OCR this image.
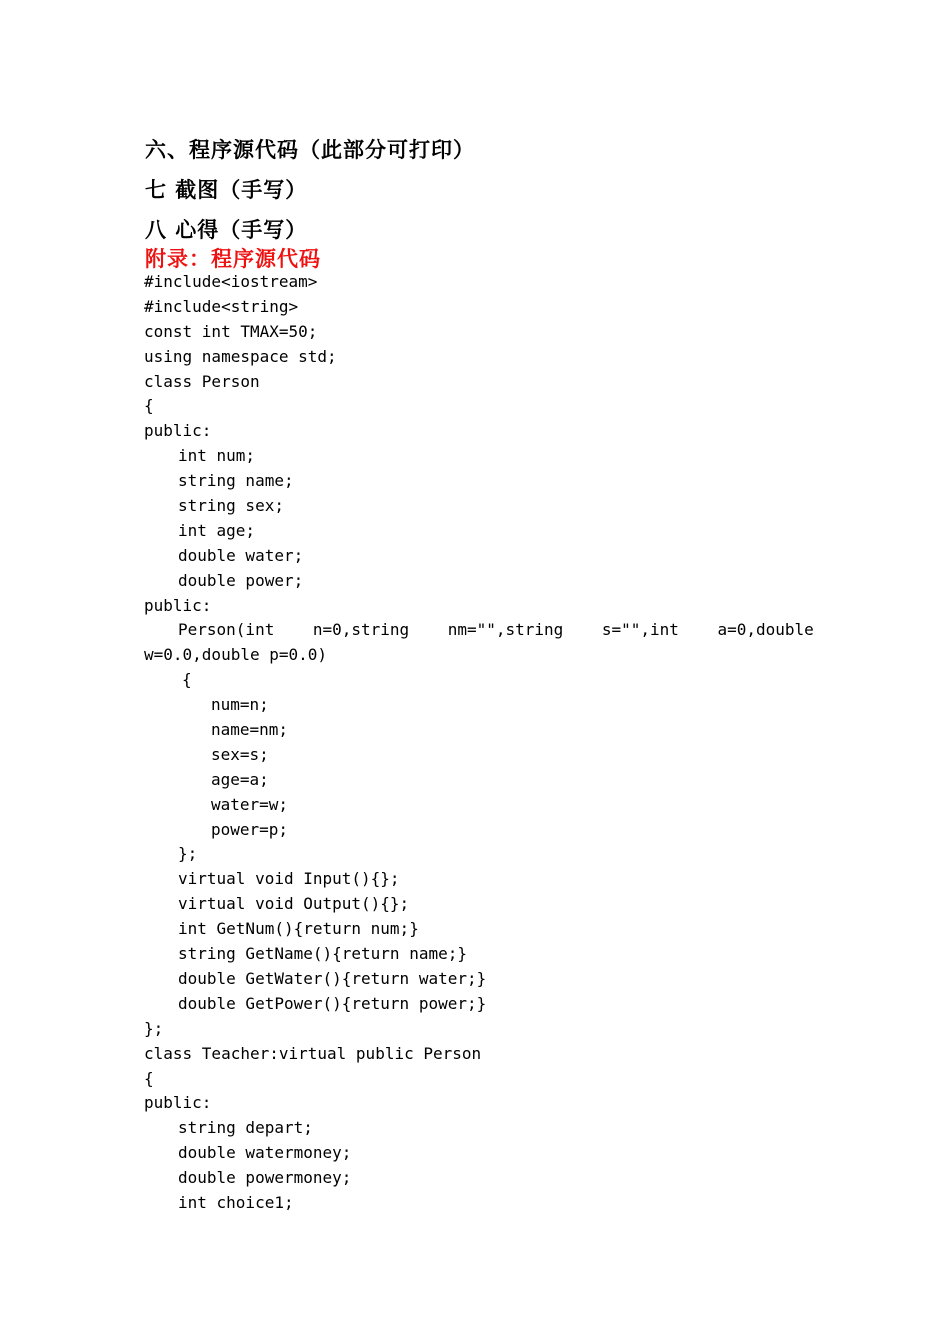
六、程序源代码（此部分可打印）
七 截图（手写）
八 心得（手写）
附录：程序源代码
#include<iostream>
#include<string>
const int TMAX=50;
using namespace std;
class Person
{
public:
int num;
string name;
string sex;
int age;
double water;
double power;
public:
Person(int    n=0,string    nm="",string    s="",int    a=0,double
w=0.0,double p=0.0)
{
num=n;
name=nm;
sex=s;
age=a;
water=w;
power=p;
};
virtual void Input(){};
virtual void Output(){};
int GetNum(){return num;}
string GetName(){return name;}
double GetWater(){return water;}
double GetPower(){return power;}
};
class Teacher:virtual public Person
{
public:
string depart;
double watermoney;
double powermoney;
int choice1;
